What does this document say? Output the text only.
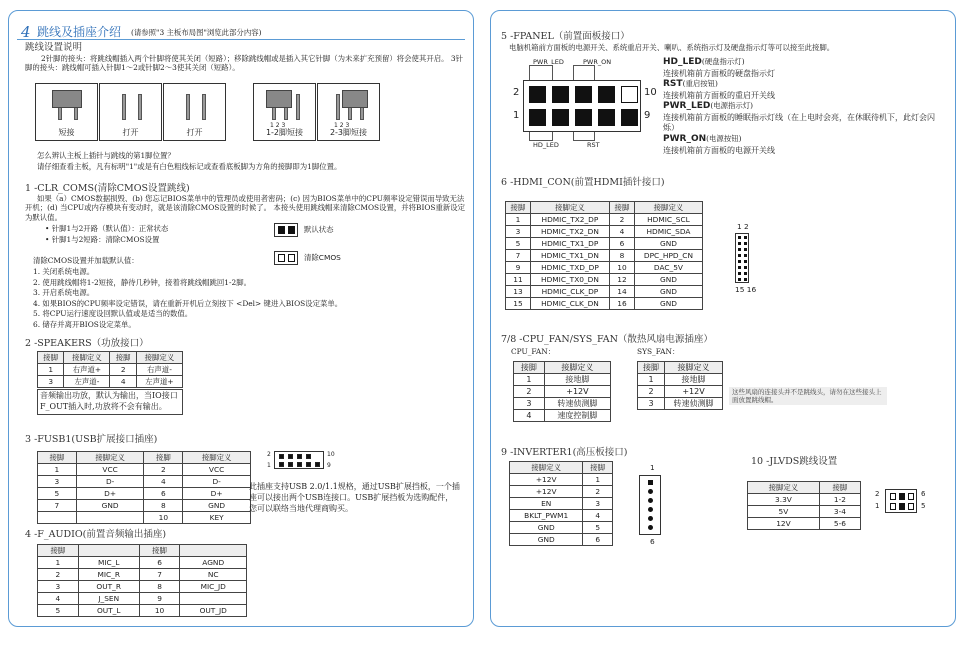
4 跳线及插座介绍 (请参照"3 主板布局图"浏览此部分内容)
跳线设置说明
2针脚的接头：将跳线帽插入两个针脚将使其关闭（短路）；移除跳线帽或是插入其它针脚（为未来扩充预留）将会使其开启。 3针脚的接头：跳线帽可插入针脚1～2或针脚2～3使其关闭（短路）。
短接	打开	打开
1 2 3
1-2脚短接
1 2 3
2-3脚短接
怎么辨认主板上插针与跳线的第1脚位置？
请仔细查看主板，凡有标明"1"或是有白色粗线标记或查看底板脚为方角的接脚即为1脚位置。
1 -CLR_COMS(清除CMOS设置跳线)
如果（a）CMOS数据损毁、(b) 您忘记BIOS菜单中的管理员或使用者密码；(c) 因为BIOS菜单中的CPU频率设定错误而导致无法开机；(d) 当CPU或内存模块有变动时，就是该清除CMOS设置的时候了。 本接头使用跳线帽来清除CMOS设置，并将BIOS重新设定为默认值。
• 针脚1与2开路（默认值）：正常状态
• 针脚1与2短路：清除CMOS设置
默认状态
清除CMOS
清除CMOS设置并加载默认值：
1. 关闭系统电源。
2. 使用跳线帽将1-2短接，静待几秒钟，接着将跳线帽跳回1-2脚。
3. 开启系统电源。
4. 如果BIOS的CPU频率设定错误，请在重新开机后立刻按下 <Del> 键进入BIOS设定菜单。
5. 将CPU运行速度设回默认值或是适当的数值。
6. 储存并离开BIOS设定菜单。
2 -SPEAKERS（功放接口）
接脚	接脚定义	接脚	接脚定义
1	右声道+	2	右声道-
3	左声道-	4	左声道+
音频输出功放，默认为输出，当IO接口F_OUT插入时,功放将不会有输出。
3 -FUSB1(USB扩展接口插座)
接脚	接脚定义	接脚	接脚定义
1	VCC	2	VCC
3	D-	4	D-
5	D+	6	D+
7	GND	8	GND
		10	KEY
2	10
1	9
此插座支持USB 2.0/1.1规格，通过USB扩展挡板，一个插座可以接出两个USB连接口。USB扩展挡板为选购配件，您可以联络当地代理商购买。
4 -F_AUDIO(前置音频输出插座)
接脚		接脚	
1	MIC_L	6	AGND
2	MIC_R	7	NC
3	OUT_R	8	MIC_JD
4	J_SEN	9	
5	OUT_L	10	OUT_JD
5 -FPANEL（前置面板接口）
电脑机箱前方面板的电源开关、系统重启开关、喇叭、系统指示灯及硬盘指示灯等可以接至此接脚。
PWR_LED	PWR_ON
HD_LED	RST
2
1
10
9
HD_LED(硬盘指示灯)
连接机箱前方面板的硬盘指示灯
RST(重启按钮)
连接机箱前方面板的重启开关线
PWR_LED(电源指示灯)
连接机箱前方面板的睡眠指示灯线（在上电时会亮，在休眠待机下，此灯会闪烁）
PWR_ON(电源按钮)
连接机箱前方面板的电源开关线
6 -HDMI_CON(前置HDMI插针接口)
接脚	接脚定义	接脚	接脚定义
1	HDMIC_TX2_DP	2	HDMIC_SCL
3	HDMIC_TX2_DN	4	HDMIC_SDA
5	HDMIC_TX1_DP	6	GND
7	HDMIC_TX1_DN	8	DPC_HPD_CN
9	HDMIC_TXD_DP	10	DAC_5V
11	HDMIC_TX0_DN	12	GND
13	HDMIC_CLK_DP	14	GND
15	HDMIC_CLK_DN	16	GND
1 2
15 16
7/8 -CPU_FAN/SYS_FAN（散热风扇电源插座）
CPU_FAN：	SYS_FAN：
接脚	接脚定义
1	接地脚
2	+12V
3	转速侦测脚
4	速度控制脚
接脚	接脚定义
1	接地脚
2	+12V
3	转速侦测脚
这些风扇的连接头并不是跳线头，请勿在这些接头上面放置跳线帽。
9 -INVERTER1(高压板接口)
接脚定义	接脚
+12V	1
+12V	2
EN	3
BKLT_PWM1	4
GND	5
GND	6
1
6
10 -JLVDS跳线设置
接脚定义	接脚
3.3V	1-2
5V	3-4
12V	5-6
2	6
1	5
